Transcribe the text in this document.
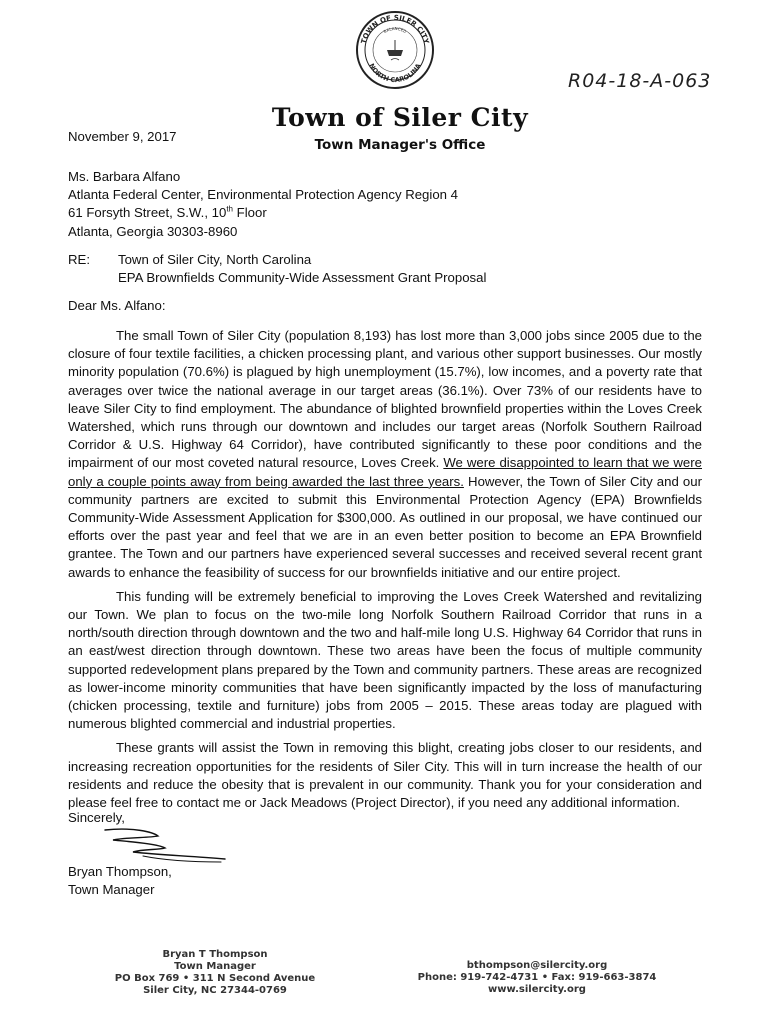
TOWN OF SILER CITY
NORTH CAROLINA
BALANCED
R04-18-A-063
Town of Siler City
Town Manager's Office
November 9, 2017
Ms. Barbara Alfano
Atlanta Federal Center, Environmental Protection Agency Region 4
61 Forsyth Street, S.W., 10th Floor
Atlanta, Georgia 30303-8960
RE: Town of Siler City, North Carolina
EPA Brownfields Community-Wide Assessment Grant Proposal
Dear Ms. Alfano:

The small Town of Siler City (population 8,193) has lost more than 3,000 jobs since 2005 due to the closure of four textile facilities, a chicken processing plant, and various other support businesses. Our mostly minority population (70.6%) is plagued by high unemployment (15.7%), low incomes, and a poverty rate that averages over twice the national average in our target areas (36.1%). Over 73% of our residents have to leave Siler City to find employment. The abundance of blighted brownfield properties within the Loves Creek Watershed, which runs through our downtown and includes our target areas (Norfolk Southern Railroad Corridor & U.S. Highway 64 Corridor), have contributed significantly to these poor conditions and the impairment of our most coveted natural resource, Loves Creek. We were disappointed to learn that we were only a couple points away from being awarded the last three years. However, the Town of Siler City and our community partners are excited to submit this Environmental Protection Agency (EPA) Brownfields Community-Wide Assessment Application for $300,000. As outlined in our proposal, we have continued our efforts over the past year and feel that we are in an even better position to become an EPA Brownfield grantee. The Town and our partners have experienced several successes and received several recent grant awards to enhance the feasibility of success for our brownfields initiative and our entire project.

This funding will be extremely beneficial to improving the Loves Creek Watershed and revitalizing our Town. We plan to focus on the two-mile long Norfolk Southern Railroad Corridor that runs in a north/south direction through downtown and the two and half-mile long U.S. Highway 64 Corridor that runs in an east/west direction through downtown. These two areas have been the focus of multiple community supported redevelopment plans prepared by the Town and community partners. These areas are recognized as lower-income minority communities that have been significantly impacted by the loss of manufacturing (chicken processing, textile and furniture) jobs from 2005 – 2015. These areas today are plagued with numerous blighted commercial and industrial properties.

These grants will assist the Town in removing this blight, creating jobs closer to our residents, and increasing recreation opportunities for the residents of Siler City. This will in turn increase the health of our residents and reduce the obesity that is prevalent in our community. Thank you for your consideration and please feel free to contact me or Jack Meadows (Project Director), if you need any additional information.

Sincerely,
Bryan Thompson,
Town Manager
Bryan T Thompson
Town Manager
PO Box 769 • 311 N Second Avenue
Siler City, NC 27344-0769
bthompson@silercity.org
Phone: 919-742-4731 • Fax: 919-663-3874
www.silercity.org
